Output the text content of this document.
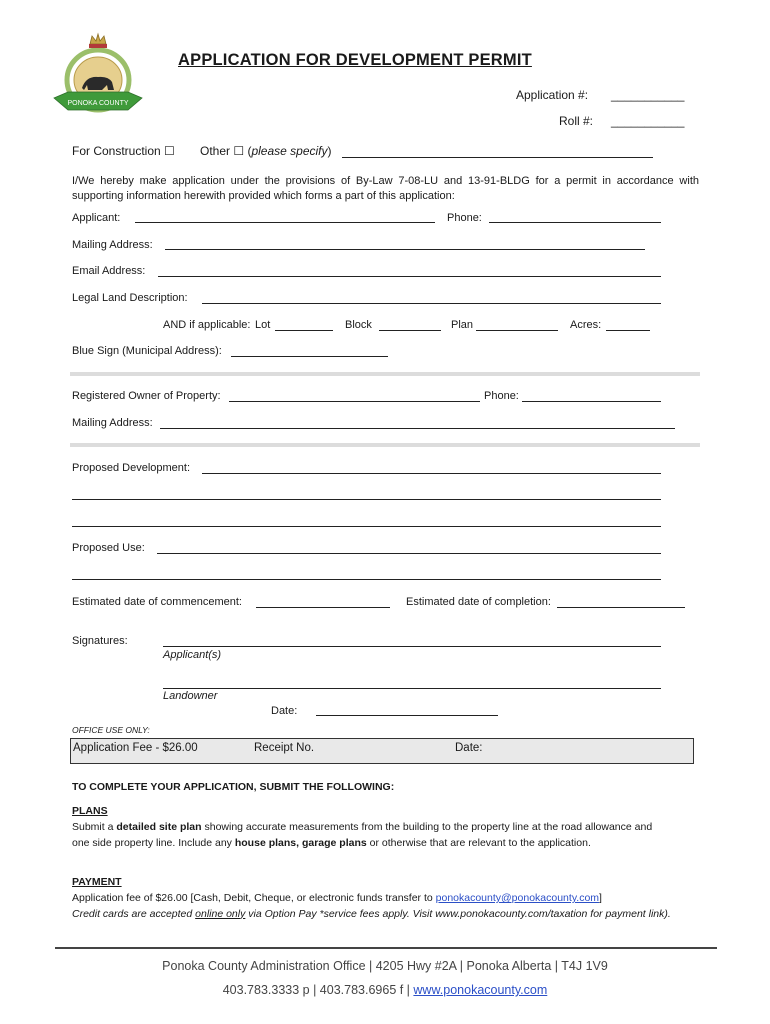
PONOKA COUNTY
APPLICATION FOR DEVELOPMENT PERMIT
Application #: ___________
Roll #: ___________
For Construction ☐ Other ☐ (please specify)
I/We hereby make application under the provisions of By-Law 7-08-LU and 13-91-BLDG for a permit in accordance with supporting information herewith provided which forms a part of this application:
Applicant:	Phone:
Mailing Address:
Email Address:
Legal Land Description:
AND if applicable: Lot	Block	Plan	Acres:
Blue Sign (Municipal Address):
Registered Owner of Property:	Phone:
Mailing Address:
Proposed Development:
Proposed Use:
Estimated date of commencement:	Estimated date of completion:
Signatures:
Applicant(s)
Landowner
Date:
OFFICE USE ONLY:
Application Fee - $26.00	Receipt No.	Date:
TO COMPLETE YOUR APPLICATION, SUBMIT THE FOLLOWING:
PLANS
Submit a detailed site plan showing accurate measurements from the building to the property line at the road allowance and one side property line. Include any house plans, garage plans or otherwise that are relevant to the application.
PAYMENT
Application fee of $26.00 [Cash, Debit, Cheque, or electronic funds transfer to ponokacounty@ponokacounty.com]
Credit cards are accepted online only via Option Pay *service fees apply. Visit www.ponokacounty.com/taxation for payment link).
Ponoka County Administration Office | 4205 Hwy #2A | Ponoka Alberta | T4J 1V9
403.783.3333 p | 403.783.6965 f | www.ponokacounty.com
